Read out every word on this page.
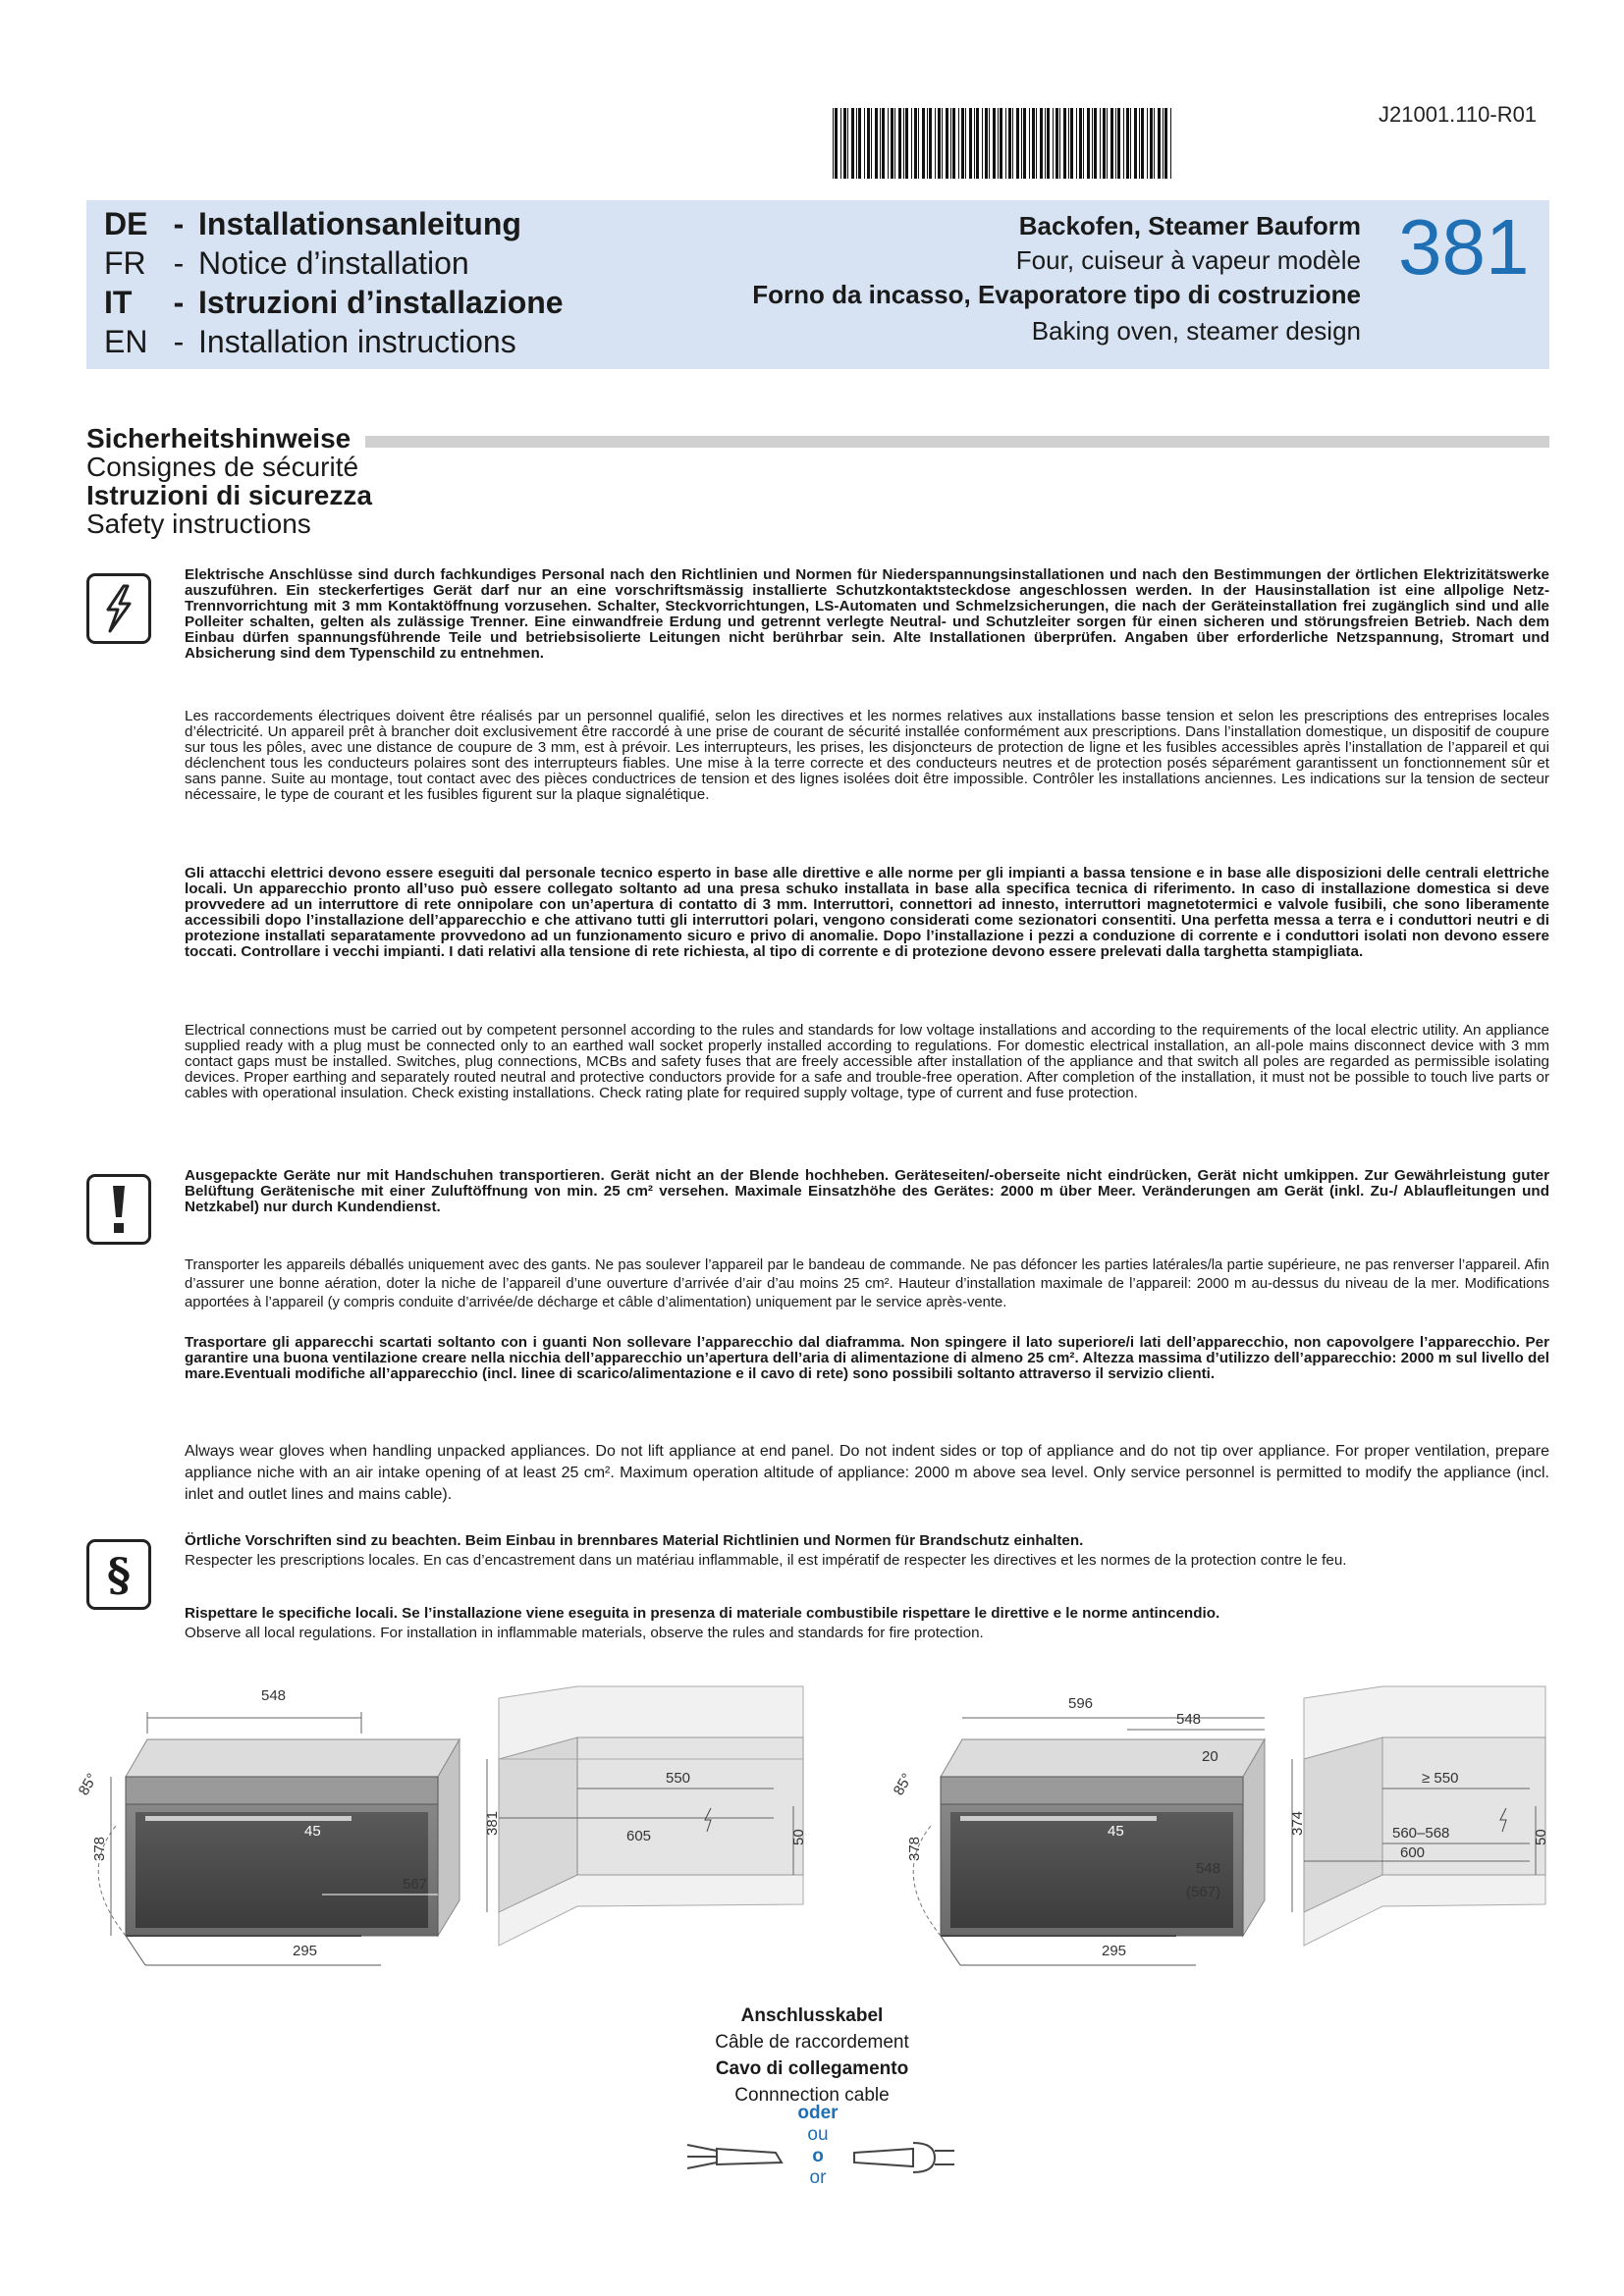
J21001.110-R01
DE - Installationsanleitung
FR - Notice d’installation
IT - Istruzioni d’installazione
EN - Installation instructions
Backofen, Steamer Bauform
Four, cuiseur à vapeur modèle
Forno da incasso, Evaporatore tipo di costruzione
Baking oven, steamer design
381
Sicherheitshinweise
Consignes de sécurité
Istruzioni di sicurezza
Safety instructions
Elektrische Anschlüsse sind durch fachkundiges Personal nach den Richtlinien und Normen für Niederspannungsinstallationen und nach den Bestimmungen der örtlichen Elektrizitätswerke auszuführen. Ein steckerfertiges Gerät darf nur an eine vorschriftsmässig installierte Schutzkontaktsteckdose angeschlossen werden. In der Hausinstallation ist eine allpolige Netz-Trennvorrichtung mit 3 mm Kontaktöffnung vorzusehen. Schalter, Steckvorrichtungen, LS-Automaten und Schmelzsicherungen, die nach der Geräteinstallation frei zugänglich sind und alle Polleiter schalten, gelten als zulässige Trenner. Eine einwandfreie Erdung und getrennt verlegte Neutral- und Schutzleiter sorgen für einen sicheren und störungsfreien Betrieb. Nach dem Einbau dürfen spannungsführende Teile und betriebsisolierte Leitungen nicht berührbar sein. Alte Installationen überprüfen. Angaben über erforderliche Netzspannung, Stromart und Absicherung sind dem Typenschild zu entnehmen.
Les raccordements électriques doivent être réalisés par un personnel qualifié, selon les directives et les normes relatives aux installations basse tension et selon les prescriptions des entreprises locales d’électricité. Un appareil prêt à brancher doit exclusivement être raccordé à une prise de courant de sécurité installée conformément aux prescriptions. Dans l’installation domestique, un dispositif de coupure sur tous les pôles, avec une distance de coupure de 3 mm, est à prévoir. Les interrupteurs, les prises, les disjoncteurs de protection de ligne et les fusibles accessibles après l’installation de l’appareil et qui déclenchent tous les conducteurs polaires sont des interrupteurs fiables. Une mise à la terre correcte et des conducteurs neutres et de protection posés séparément garantissent un fonctionnement sûr et sans panne. Suite au montage, tout contact avec des pièces conductrices de tension et des lignes isolées doit être impossible. Contrôler les installations anciennes. Les indications sur la tension de secteur nécessaire, le type de courant et les fusibles figurent sur la plaque signalétique.
Gli attacchi elettrici devono essere eseguiti dal personale tecnico esperto in base alle direttive e alle norme per gli impianti a bassa tensione e in base alle disposizioni delle centrali elettriche locali. Un apparecchio pronto all’uso può essere collegato soltanto ad una presa schuko installata in base alla specifica tecnica di riferimento. In caso di installazione domestica si deve provvedere ad un interruttore di rete onnipolare con un’apertura di contatto di 3 mm. Interruttori, connettori ad innesto, interruttori magnetotermici e valvole fusibili, che sono liberamente accessibili dopo l’installazione dell’apparecchio e che attivano tutti gli interruttori polari, vengono considerati come sezionatori consentiti. Una perfetta messa a terra e i conduttori neutri e di protezione installati separatamente provvedono ad un funzionamento sicuro e privo di anomalie. Dopo l’installazione i pezzi a conduzione di corrente e i conduttori isolati non devono essere toccati. Controllare i vecchi impianti. I dati relativi alla tensione di rete richiesta, al tipo di corrente e di protezione devono essere prelevati dalla targhetta stampigliata.
Electrical connections must be carried out by competent personnel according to the rules and standards for low voltage installations and according to the requirements of the local electric utility. An appliance supplied ready with a plug must be connected only to an earthed wall socket properly installed according to regulations. For domestic electrical installation, an all-pole mains disconnect device with 3 mm contact gaps must be installed. Switches, plug connections, MCBs and safety fuses that are freely accessible after installation of the appliance and that switch all poles are regarded as permissible isolating devices. Proper earthing and separately routed neutral and protective conductors provide for a safe and trouble-free operation. After completion of the installation, it must not be possible to touch live parts or cables with operational insulation. Check existing installations. Check rating plate for required supply voltage, type of current and fuse protection.
Ausgepackte Geräte nur mit Handschuhen transportieren. Gerät nicht an der Blende hochheben. Geräteseiten/-oberseite nicht eindrücken, Gerät nicht umkippen. Zur Gewährleistung guter Belüftung Gerätenische mit einer Zuluftöffnung von min. 25 cm² versehen. Maximale Einsatzhöhe des Gerätes: 2000 m über Meer. Veränderungen am Gerät (inkl. Zu-/ Ablaufleitungen und Netzkabel) nur durch Kundendienst.
Transporter les appareils déballés uniquement avec des gants. Ne pas soulever l’appareil par le bandeau de commande. Ne pas défoncer les parties latérales/la partie supérieure, ne pas renverser l’appareil. Afin d’assurer une bonne aération, doter la niche de l’appareil d’une ouverture d’arrivée d’air d’au moins 25 cm². Hauteur d’installation maximale de l’appareil: 2000 m au-dessus du niveau de la mer. Modifications apportées à l’appareil (y compris conduite d’arrivée/de décharge et câble d’alimentation) uniquement par le service après-vente.
Trasportare gli apparecchi scartati soltanto con i guanti Non sollevare l’apparecchio dal diaframma. Non spingere il lato superiore/i lati dell’apparecchio, non capovolgere l’apparecchio. Per garantire una buona ventilazione creare nella nicchia dell’apparecchio un’apertura dell’aria di alimentazione di almeno 25 cm². Altezza massima d’utilizzo dell’apparecchio: 2000 m sul livello del mare.Eventuali modifiche all’apparecchio (incl. linee di scarico/alimentazione e il cavo di rete) sono possibili soltanto attraverso il servizio clienti.
Always wear gloves when handling unpacked appliances. Do not lift appliance at end panel. Do not indent sides or top of appliance and do not tip over appliance. For proper ventilation, prepare appliance niche with an air intake opening of at least 25 cm². Maximum operation altitude of appliance: 2000 m above sea level. Only service personnel is permitted to modify the appliance (incl. inlet and outlet lines and mains cable).
§
Örtliche Vorschriften sind zu beachten. Beim Einbau in brennbares Material Richtlinien und Normen für Brandschutz einhalten.
Respecter les prescriptions locales. En cas d’encastrement dans un matériau inflammable, il est impératif de respecter les directives et les normes de la protection contre le feu.
Rispettare le specifiche locali. Se l’installazione viene eseguita in presenza di materiale combustibile rispettare le direttive e le norme antincendio.
Observe all local regulations. For installation in inflammable materials, observe the rules and standards for fire protection.
548
378
85°
45
567
295
381
550
605	50
596
548
20
378
85°
45
548
(567)
295
374
≥ 550
560–568
600
50
Anschlusskabel
Câble de raccordement
Cavo di collegamento
Connnection cable
oder
ou
o
or
